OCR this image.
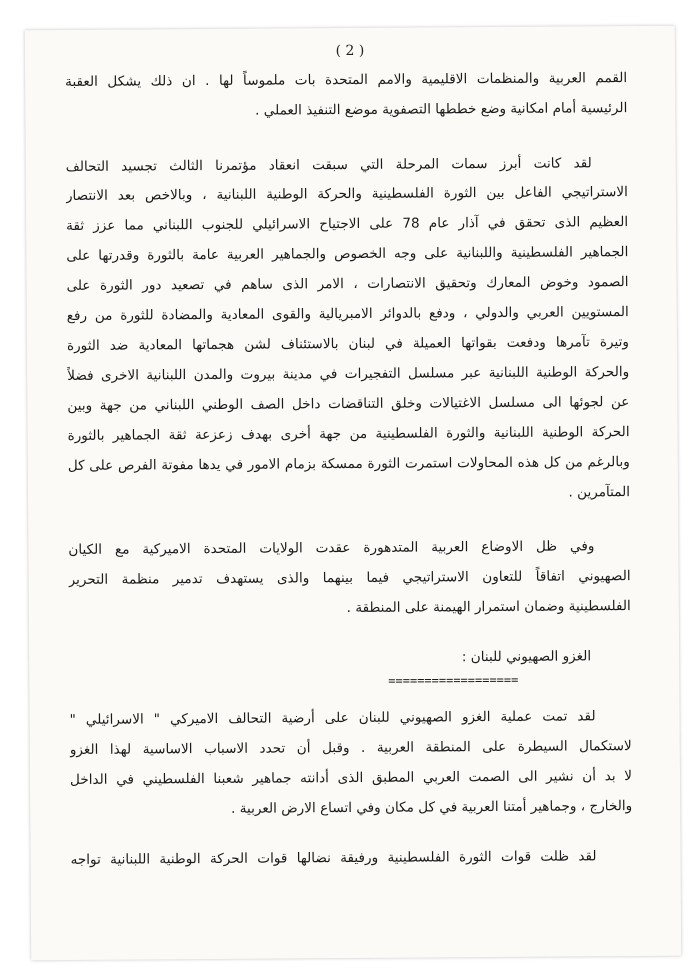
( 2 )
القمم العربية والمنظمات الاقليمية والامم المتحدة بات ملموساً لها . ان ذلك يشكل العقبة
الرئيسية أمام امكانية وضع خططها التصفوية موضع التنفيذ العملي .
لقد كانت أبرز سمات المرحلة التي سبقت انعقاد مؤتمرنا الثالث تجسيد التحالف
الاستراتيجي الفاعل بين الثورة الفلسطينية والحركة الوطنية اللبنانية ، وبالاخص بعد الانتصار
العظيم الذى تحقق في آذار عام 78 على الاجتياح الاسرائيلي للجنوب اللبناني مما عزز ثقة
الجماهير الفلسطينية واللبنانية على وجه الخصوص والجماهير العربية عامة بالثورة وقدرتها على
الصمود وخوض المعارك وتحقيق الانتصارات ، الامر الذى ساهم في تصعيد دور الثورة على
المستويين العربي والدولي ، ودفع بالدوائر الامبريالية والقوى المعادية والمضادة للثورة من رفع
وتيرة تآمرها ودفعت بقواتها العميلة في لبنان بالاستئناف لشن هجماتها المعادية ضد الثورة
والحركة الوطنية اللبنانية عبر مسلسل التفجيرات في مدينة بيروت والمدن اللبنانية الاخرى فضلاً
عن لجوئها الى مسلسل الاغتيالات وخلق التناقضات داخل الصف الوطني اللبناني من جهة وبين
الحركة الوطنية اللبنانية والثورة الفلسطينية من جهة أخرى بهدف زعزعة ثقة الجماهير بالثورة
وبالرغم من كل هذه المحاولات استمرت الثورة ممسكة بزمام الامور في يدها مفوتة الفرص على كل
المتآمرين .
وفي ظل الاوضاع العربية المتدهورة عقدت الولايات المتحدة الاميركية مع الكيان
الصهيوني اتفاقاً للتعاون الاستراتيجي فيما بينهما والذى يستهدف تدمير منظمة التحرير
الفلسطينية وضمان استمرار الهيمنة على المنطقة .
الغزو الصهيوني للبنان :
==================
لقد تمت عملية الغزو الصهيوني للبنان على أرضية التحالف الاميركي " الاسرائيلي "
لاستكمال السيطرة على المنطقة العربية . وقبل أن تحدد الاسباب الاساسية لهذا الغزو
لا بد أن نشير الى الصمت العربي المطبق الذى أدانته جماهير شعبنا الفلسطيني في الداخل
والخارج ، وجماهير أمتنا العربية في كل مكان وفي اتساع الارض العربية .
لقد ظلت قوات الثورة الفلسطينية ورفيقة نضالها قوات الحركة الوطنية اللبنانية تواجه
